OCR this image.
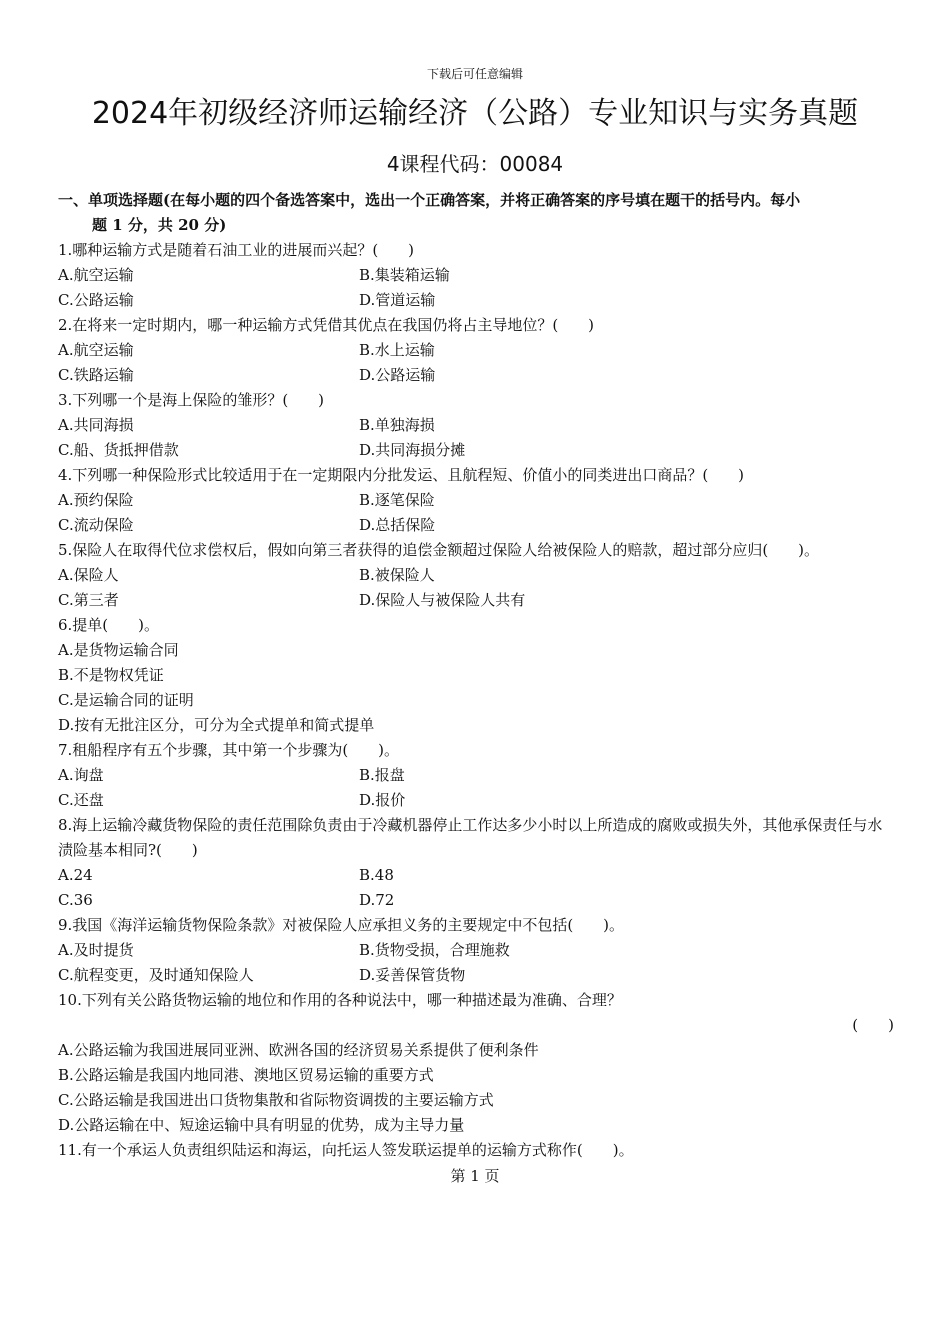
下载后可任意编辑
2024年初级经济师运输经济（公路）专业知识与实务真题
4课程代码：00084
一、单项选择题(在每小题的四个备选答案中，选出一个正确答案，并将正确答案的序号填在题干的括号内。每小
题 1 分，共 20 分)
1.哪种运输方式是随着石油工业的进展而兴起？(　　)
A.航空运输	B.集装箱运输
C.公路运输	D.管道运输
2.在将来一定时期内，哪一种运输方式凭借其优点在我国仍将占主导地位？(　　)
A.航空运输	B.水上运输
C.铁路运输	D.公路运输
3.下列哪一个是海上保险的雏形？(　　)
A.共同海损	B.单独海损
C.船、货抵押借款	D.共同海损分摊
4.下列哪一种保险形式比较适用于在一定期限内分批发运、且航程短、价值小的同类进出口商品？(　　)
A.预约保险	B.逐笔保险
C.流动保险	D.总括保险
5.保险人在取得代位求偿权后，假如向第三者获得的追偿金额超过保险人给被保险人的赔款，超过部分应归(　　)。
A.保险人	B.被保险人
C.第三者	D.保险人与被保险人共有
6.提单(　　)。
A.是货物运输合同
B.不是物权凭证
C.是运输合同的证明
D.按有无批注区分，可分为全式提单和简式提单
7.租船程序有五个步骤，其中第一个步骤为(　　)。
A.询盘	B.报盘
C.还盘	D.报价
8.海上运输冷藏货物保险的责任范围除负责由于冷藏机器停止工作达多少小时以上所造成的腐败或损失外，其他承保责任与水渍险基本相同?(　　)
A.24	B.48
C.36	D.72
9.我国《海洋运输货物保险条款》对被保险人应承担义务的主要规定中不包括(　　)。
A.及时提货	B.货物受损，合理施救
C.航程变更，及时通知保险人	D.妥善保管货物
10.下列有关公路货物运输的地位和作用的各种说法中，哪一种描述最为准确、合理？
(　　)
A.公路运输为我国进展同亚洲、欧洲各国的经济贸易关系提供了便利条件
B.公路运输是我国内地同港、澳地区贸易运输的重要方式
C.公路运输是我国进出口货物集散和省际物资调拨的主要运输方式
D.公路运输在中、短途运输中具有明显的优势，成为主导力量
11.有一个承运人负责组织陆运和海运，向托运人签发联运提单的运输方式称作(　　)。
第 1 页
